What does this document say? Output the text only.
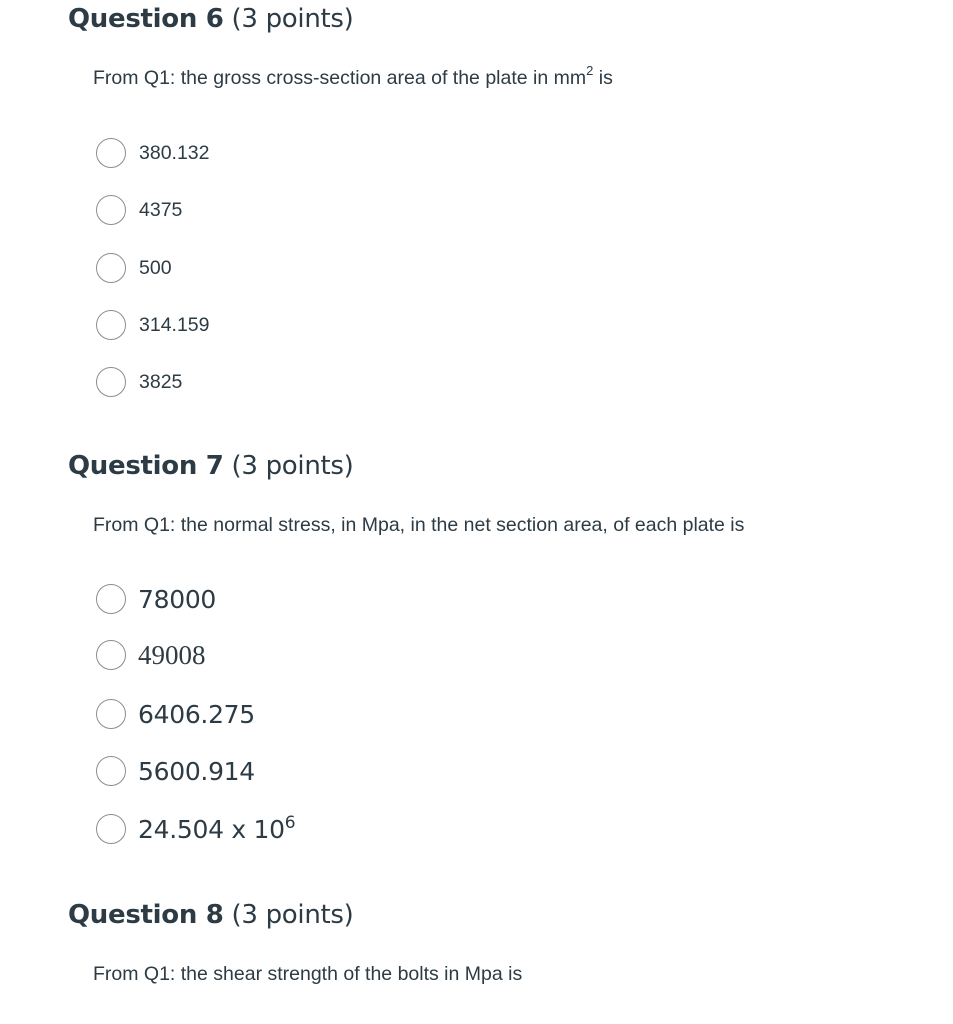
Question 6 (3 points)
From Q1: the gross cross-section area of the plate in $mm^2$ is
380.132
4375
500
314.159
3825
Question 7 (3 points)
From Q1: the normal stress, in Mpa, in the net section area, of each plate is
78000
49008
6406.275
5600.914
24.504 x $10^6$
Question 8 (3 points)
From Q1: the shear strength of the bolts in Mpa is
